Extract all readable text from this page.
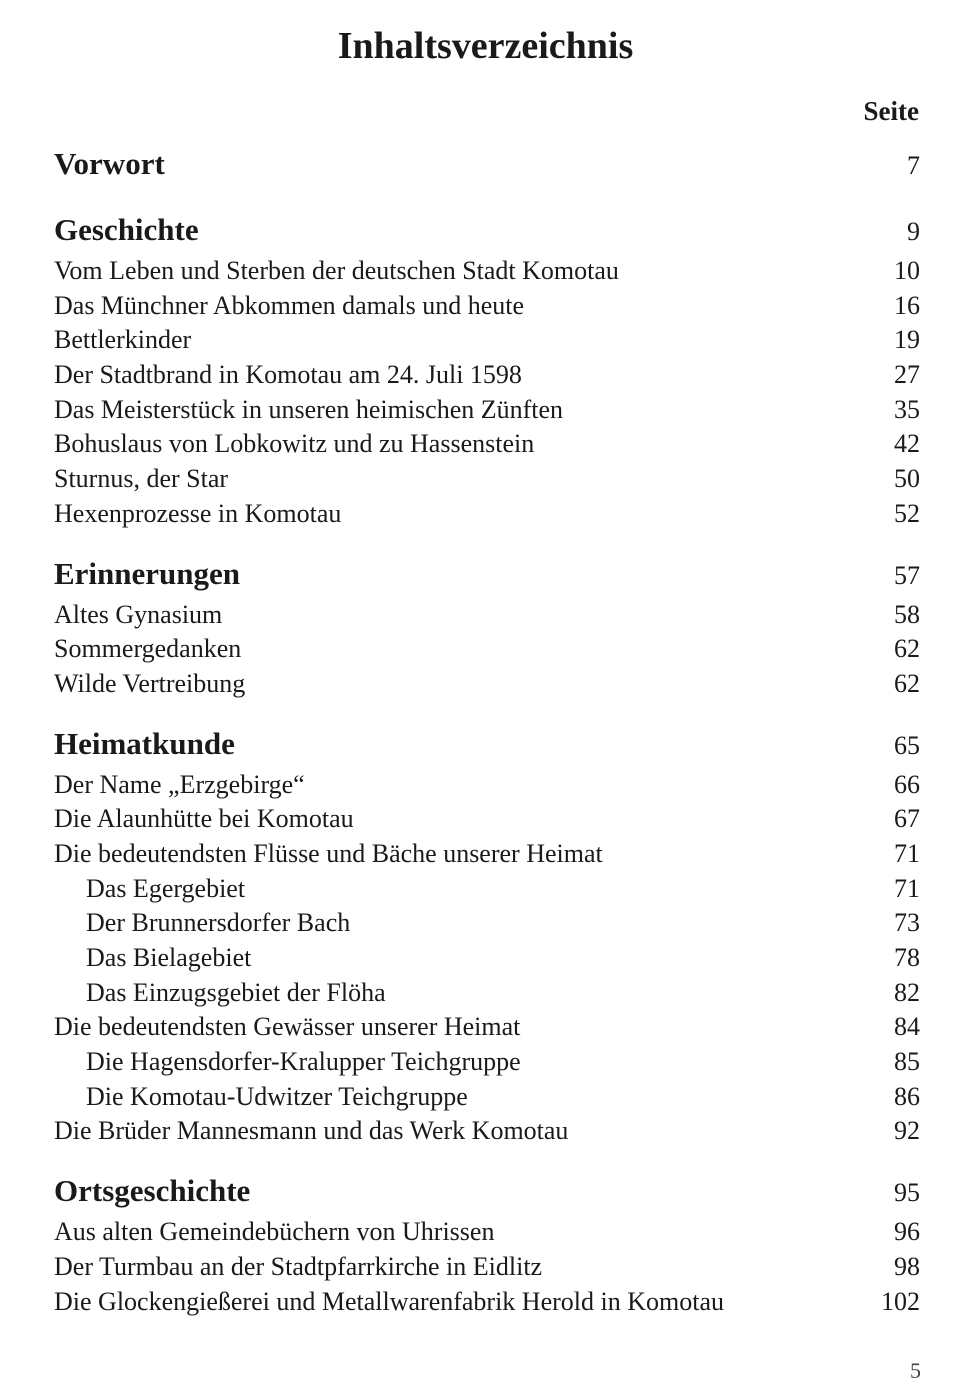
Inhaltsverzeichnis
Seite
Vorwort	7
Geschichte	9
Vom Leben und Sterben der deutschen Stadt Komotau	10
Das Münchner Abkommen damals und heute	16
Bettlerkinder	19
Der Stadtbrand in Komotau am 24. Juli 1598	27
Das Meisterstück in unseren heimischen Zünften	35
Bohuslaus von Lobkowitz und zu Hassenstein	42
Sturnus, der Star	50
Hexenprozesse in Komotau	52
Erinnerungen	57
Altes Gynasium	58
Sommergedanken	62
Wilde Vertreibung	62
Heimatkunde	65
Der Name „Erzgebirge“	66
Die Alaunhütte bei Komotau	67
Die bedeutendsten Flüsse und Bäche unserer Heimat	71
Das Egergebiet	71
Der Brunnersdorfer Bach	73
Das Bielagebiet	78
Das Einzugsgebiet der Flöha	82
Die bedeutendsten Gewässer unserer Heimat	84
Die Hagensdorfer-Kralupper Teichgruppe	85
Die Komotau-Udwitzer Teichgruppe	86
Die Brüder Mannesmann und das Werk Komotau	92
Ortsgeschichte	95
Aus alten Gemeindebüchern von Uhrissen	96
Der Turmbau an der Stadtpfarrkirche in Eidlitz	98
Die Glockengießerei und Metallwarenfabrik Herold in Komotau	102
5
